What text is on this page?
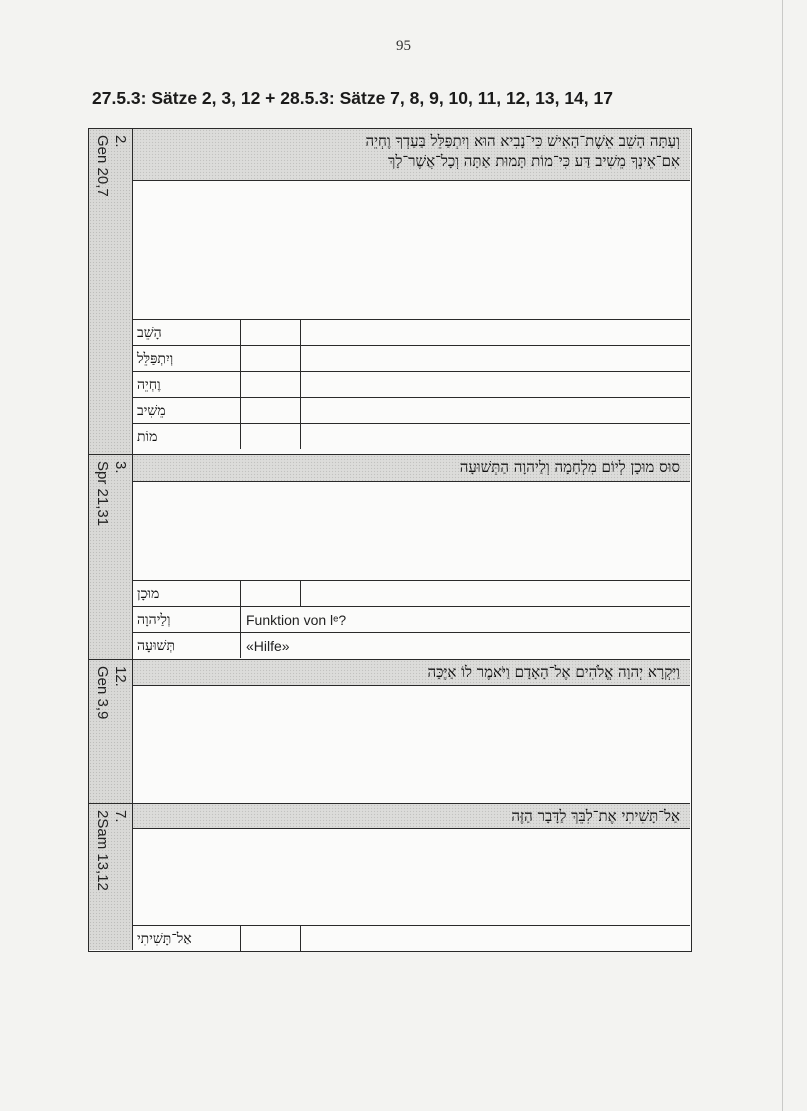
95
27.5.3: Sätze 2, 3, 12 + 28.5.3: Sätze 7, 8, 9, 10, 11, 12, 13, 14, 17
2.
Gen 20,7	וְעַתָּה הָשֵׁב אֵשֶׁת־הָאִישׁ כִּי־נָבִיא הוּא וְיִתְפַּלֵּל בַּעַדְךָ וֶחְיֵה
אִם־אֵינְךָ מֵשִׁיב דַּע כִּי־מוֹת תָּמוּת אַתָּה וְכָל־אֲשֶׁר־לָךְ
הָשֵׁב
וְיִתְפַּלֵּל
וֶחְיֵה
מֵשִׁיב
מוֹת
3.
Spr 21,31	סוּס מוּכָן לְיוֹם מִלְחָמָה וְלַיהוָה הַתְּשׁוּעָה
מוּכָן
וְלַיהוָה	Funktion von lᵉ?
תְּשׁוּעָה	«Hilfe»
12.
Gen 3,9	וַיִּקְרָא יְהוָה אֱלֹהִים אֶל־הָאָדָם וַיֹּאמֶר לוֹ אַיֶּכָּה
7.
2Sam 13,12	אַל־תָּשִׁיתִי אֶת־לִבֵּךְ לַדָּבָר הַזֶּה
אַל־תָּשִׁיתִי
